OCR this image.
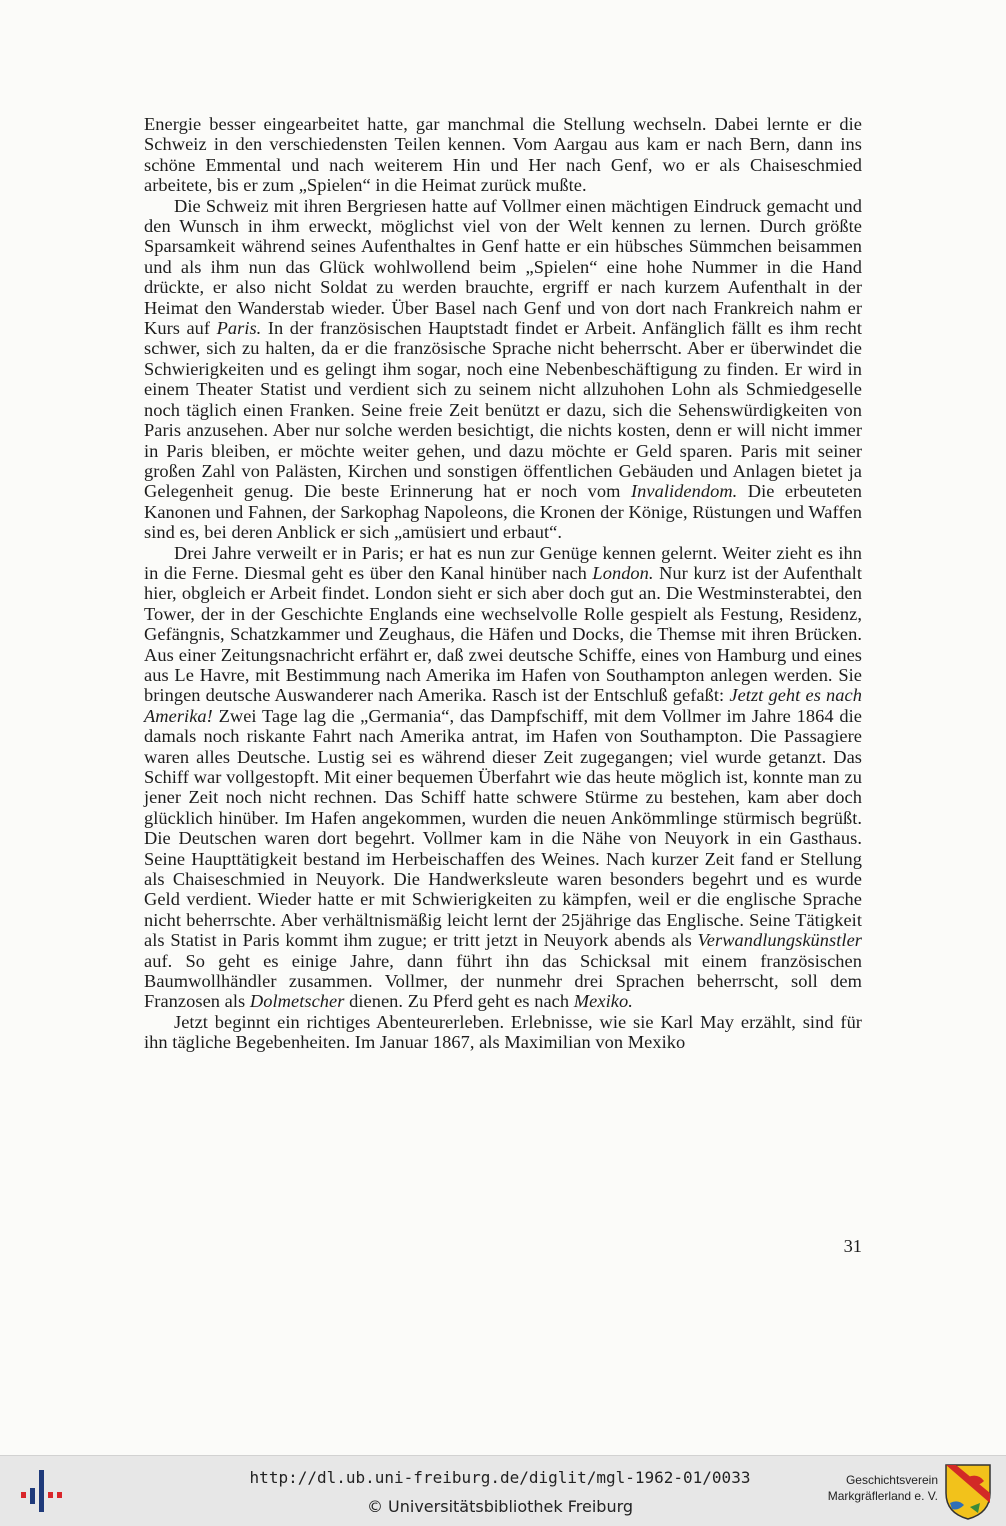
Energie besser eingearbeitet hatte, gar manchmal die Stellung wechseln. Dabei lernte er die Schweiz in den verschiedensten Teilen kennen. Vom Aargau aus kam er nach Bern, dann ins schöne Emmental und nach weiterem Hin und Her nach Genf, wo er als Chaiseschmied arbeitete, bis er zum „Spielen“ in die Heimat zurück mußte.

Die Schweiz mit ihren Bergriesen hatte auf Vollmer einen mächtigen Eindruck gemacht und den Wunsch in ihm erweckt, möglichst viel von der Welt kennen zu lernen. Durch größte Sparsamkeit während seines Aufenthaltes in Genf hatte er ein hübsches Sümmchen beisammen und als ihm nun das Glück wohlwollend beim „Spielen“ eine hohe Nummer in die Hand drückte, er also nicht Soldat zu werden brauchte, ergriff er nach kurzem Aufenthalt in der Heimat den Wanderstab wieder. Über Basel nach Genf und von dort nach Frankreich nahm er Kurs auf Paris. In der französischen Hauptstadt findet er Arbeit. Anfänglich fällt es ihm recht schwer, sich zu halten, da er die französische Sprache nicht beherrscht. Aber er überwindet die Schwierigkeiten und es gelingt ihm sogar, noch eine Nebenbeschäftigung zu finden. Er wird in einem Theater Statist und verdient sich zu seinem nicht allzuhohen Lohn als Schmiedgeselle noch täglich einen Franken. Seine freie Zeit benützt er dazu, sich die Sehenswürdigkeiten von Paris anzusehen. Aber nur solche werden besichtigt, die nichts kosten, denn er will nicht immer in Paris bleiben, er möchte weiter gehen, und dazu möchte er Geld sparen. Paris mit seiner großen Zahl von Palästen, Kirchen und sonstigen öffentlichen Gebäuden und Anlagen bietet ja Gelegenheit genug. Die beste Erinnerung hat er noch vom Invalidendom. Die erbeuteten Kanonen und Fahnen, der Sarkophag Napoleons, die Kronen der Könige, Rüstungen und Waffen sind es, bei deren Anblick er sich „amüsiert und erbaut“.

Drei Jahre verweilt er in Paris; er hat es nun zur Genüge kennen gelernt. Weiter zieht es ihn in die Ferne. Diesmal geht es über den Kanal hinüber nach London. Nur kurz ist der Aufenthalt hier, obgleich er Arbeit findet. London sieht er sich aber doch gut an. Die Westminsterabtei, den Tower, der in der Geschichte Englands eine wechselvolle Rolle gespielt als Festung, Residenz, Gefängnis, Schatzkammer und Zeughaus, die Häfen und Docks, die Themse mit ihren Brücken. Aus einer Zeitungsnachricht erfährt er, daß zwei deutsche Schiffe, eines von Hamburg und eines aus Le Havre, mit Bestimmung nach Amerika im Hafen von Southampton anlegen werden. Sie bringen deutsche Auswanderer nach Amerika. Rasch ist der Entschluß gefaßt: Jetzt geht es nach Amerika! Zwei Tage lag die „Germania“, das Dampfschiff, mit dem Vollmer im Jahre 1864 die damals noch riskante Fahrt nach Amerika antrat, im Hafen von Southampton. Die Passagiere waren alles Deutsche. Lustig sei es während dieser Zeit zugegangen; viel wurde getanzt. Das Schiff war vollgestopft. Mit einer bequemen Überfahrt wie das heute möglich ist, konnte man zu jener Zeit noch nicht rechnen. Das Schiff hatte schwere Stürme zu bestehen, kam aber doch glücklich hinüber. Im Hafen angekommen, wurden die neuen Ankömmlinge stürmisch begrüßt. Die Deutschen waren dort begehrt. Vollmer kam in die Nähe von Neuyork in ein Gasthaus. Seine Haupttätigkeit bestand im Herbeischaffen des Weines. Nach kurzer Zeit fand er Stellung als Chaiseschmied in Neuyork. Die Handwerksleute waren besonders begehrt und es wurde Geld verdient. Wieder hatte er mit Schwierigkeiten zu kämpfen, weil er die englische Sprache nicht beherrschte. Aber verhältnismäßig leicht lernt der 25jährige das Englische. Seine Tätigkeit als Statist in Paris kommt ihm zugue; er tritt jetzt in Neuyork abends als Verwandlungskünstler auf. So geht es einige Jahre, dann führt ihn das Schicksal mit einem französischen Baumwollhändler zusammen. Vollmer, der nunmehr drei Sprachen beherrscht, soll dem Franzosen als Dolmetscher dienen. Zu Pferd geht es nach Mexiko.

Jetzt beginnt ein richtiges Abenteurerleben. Erlebnisse, wie sie Karl May erzählt, sind für ihn tägliche Begebenheiten. Im Januar 1867, als Maximilian von Mexiko

31
http://dl.ub.uni-freiburg.de/diglit/mgl-1962-01/0033
© Universitätsbibliothek Freiburg
Geschichtsverein
Markgräflerland e. V.
